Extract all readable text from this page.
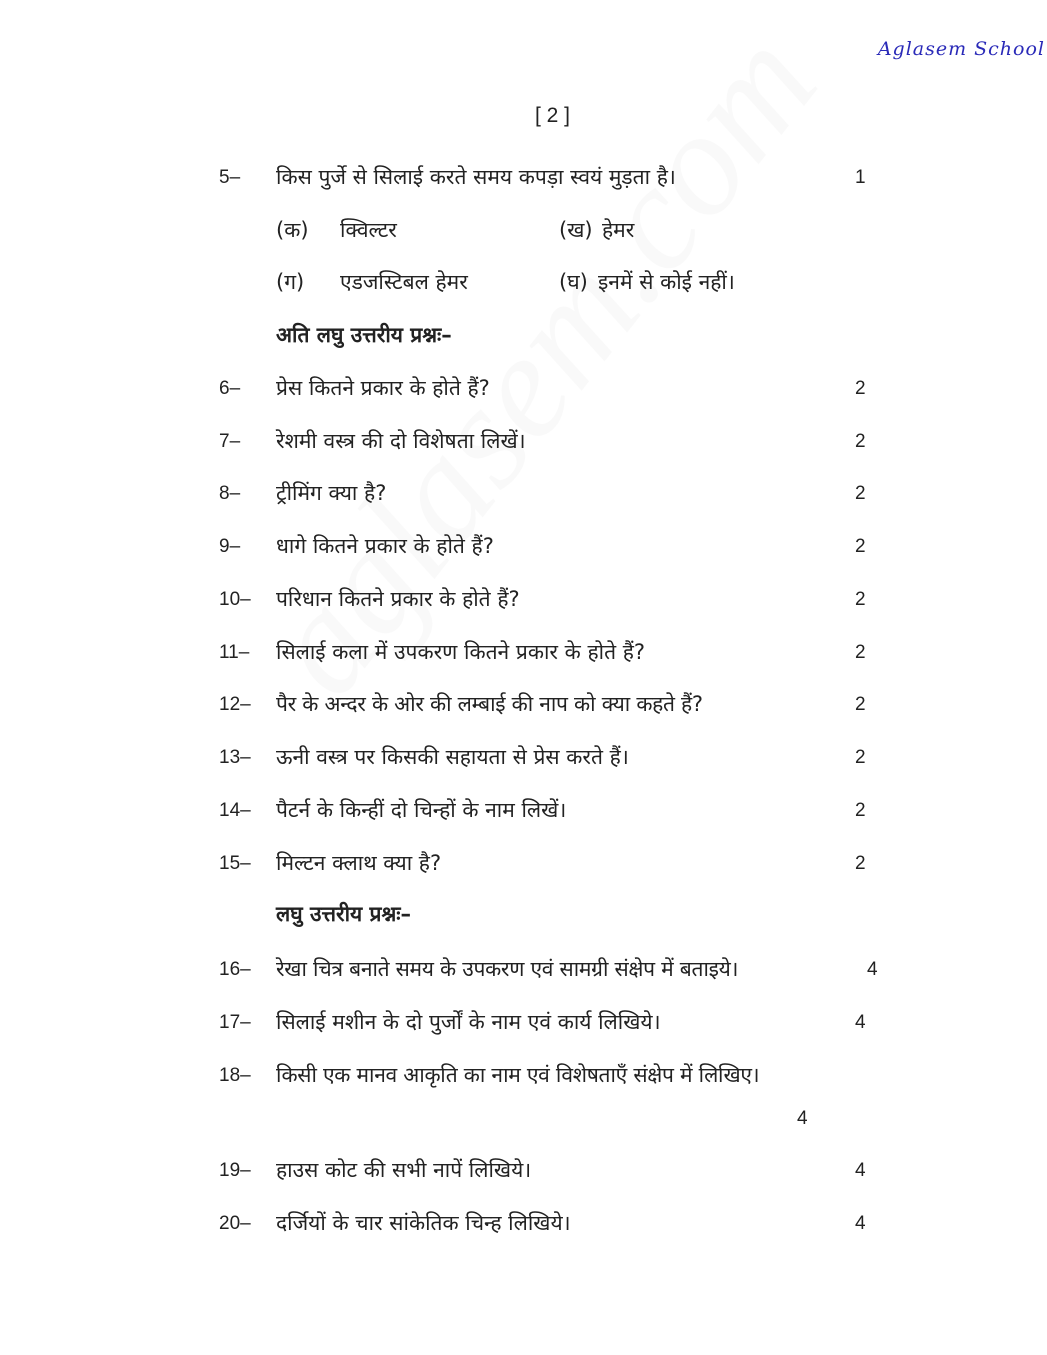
Aglasem School
[ 2 ]
5– किस पुर्जे से सिलाई करते समय कपड़ा स्वयं मुड़ता है।	1
(क) क्विल्टर	(ख) हेमर
(ग) एडजस्टिबल हेमर	(घ) इनमें से कोई नहीं।
अति लघु उत्तरीय प्रश्नः–
6– प्रेस कितने प्रकार के होते हैं?	2
7– रेशमी वस्त्र की दो विशेषता लिखें।	2
8– ट्रीमिंग क्या है?	2
9– धागे कितने प्रकार के होते हैं?	2
10– परिधान कितने प्रकार के होते हैं?	2
11– सिलाई कला में उपकरण कितने प्रकार के होते हैं?	2
12– पैर के अन्दर के ओर की लम्बाई की नाप को क्या कहते हैं?	2
13– ऊनी वस्त्र पर किसकी सहायता से प्रेस करते हैं।	2
14– पैटर्न के किन्हीं दो चिन्हों के नाम लिखें।	2
15– मिल्टन क्लाथ क्या है?	2
लघु उत्तरीय प्रश्नः–
16– रेखा चित्र बनाते समय के उपकरण एवं सामग्री संक्षेप में बताइये।	4
17– सिलाई मशीन के दो पुर्जों के नाम एवं कार्य लिखिये।	4
18– किसी एक मानव आकृति का नाम एवं विशेषताएँ संक्षेप में लिखिए।
4
19– हाउस कोट की सभी नापें लिखिये।	4
20– दर्जियों के चार सांकेतिक चिन्ह लिखिये।	4
